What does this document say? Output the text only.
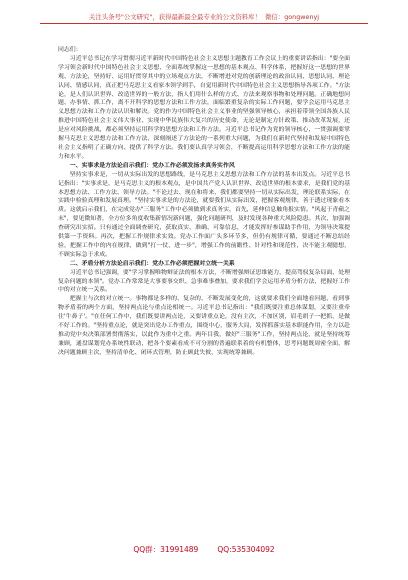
关注头条号"公文研究"，获得最新最全最专业的公文资料库！ 微信：gongwenyj

同志们：

习近平总书记在学习贯彻习近平新时代中国特色社会主义思想主题教育工作会议上的重要讲话指出："要全面学习领会新时代中国特色社会主义思想，全面系统掌握这一思想的基本观点、科学体系，把握好这一思想的世界观、方法论，坚持好、运用好贯穿其中的立场观点方法，不断增进对党的创新理论的政治认同、思想认同、理论认同、情感认同，真正把马克思主义看家本领学到手，自觉用新时代中国特色社会主义思想指导各项工作。"方法论，是人们认识世界、改造世界的一般方法，指人们用什么样的方式、方法来观察事物和处理问题。正确地想问题、办事情、抓工作，离不开科学的思想方法和工作方法，面临繁重复杂的实际工作问题，要学会运用马克思主义思想方法和工作方法认识和解决。党的作为中国特色社会主义事业的坚强领导核心，承担着带领全国各族人民推进中国特色社会主义伟大事业、实现中华民族伟大复兴的历史使命，无论是制定方针政策、推动改革发展，还是应对风险挑战，都必须坚持运用科学的思想方法和工作方法。习近平总书记作为党的领导核心，一贯强调要掌握马克思主义思想方法和工作方法，深刻阐述了方法论的一系列重大问题，为我们在新时代坚持和发展中国特色社会主义指明了正确方向、提供了科学方法。我们要认真学习领会，不断提高运用科学思想方法和工作方法的能力和水平。

一、实事求是方法论启示我们：党办工作必须发扬求真务实作风

坚持实事求是，一切从实际出发的思想路线，是马克思主义思想方法和工作方法的基本出发点。习近平总书记指出："实事求是，是马克思主义的根本观点，是中国共产党人认识世界、改造世界的根本要求，是我们党的基本思想方法、工作方法、领导方法。"不论过去、现在和将来，我们都要坚持一切从实际出发，理论联系实际，在实践中检验真理和发展真理。"坚持实事求是的方法论，就要我们从实际出发，把握客观规律，善于透过现象看本质。这就启示我们，在完成党办"三服务"工作中必须做到求真务实，首先，延伸信息触角报实情。"风起于青蘋之末"，要见微知著，全方位多角度收集新情况新问题，强化问题研判，及时发现各种重大风险隐患。其次，加强调查研究出实招。只有通过全面调查研究，获取真实、准确、可靠信息，才能发挥好参谋助手作用，为领导决策提供第一手资料。再次，把握工作规律求实效。党办工作面广头多环节多，但仍有规律可循，要通过不断总结经验，把握工作中的内在规律，做到"打一仗，进一步"，增强工作的前瞻性、针对性和现范性，决不能主观臆想，不顾实际急于求成。

二、矛盾分析方法论启示我们：党办工作必须把握对立统一关系

习近平总书记强调，要"学习掌握唯物辩证法的根本方法，不断增强辩证思维能力，提高驾驭复杂局面、处理复杂问题的本领"。党办工作常常是大事要事交织、急事难事叠加，要求我们学会运用矛盾分析方法，把握好工作中的对立统一关系。

把握主与次的对立统一。事物都是多样的、复杂的、不断发展变化的，这就要求我们全面地看问题，看到事物矛盾着的两个方面，坚持两点论与重点论相统一。习近平总书记指出："我们既要注重总体谋划，又要注重牵住'牛鼻子'。"在任何工作中，我们既要讲两点论，又要讲重点论，没有主次，不加区别，眉毛胡子一把抓，是做不好工作的。"坚持重点论，就是突出党办工作重点，围绕中心，服务大局，发挥抓落实基本职能作用，全力以赴推动党中央决策部署贯彻落实，以此作为重中之重。两年目我，做好"三服务"工作，坚持两点论，就是坚持统筹兼顾，通盘谋划党办系统性联动，把各个要素看成不可分割的普遍联系着的有机整体，思考问题既周密全面，解决问题兼顾主次，坚持清单化、闭环式管理，防止顾此失彼，实现统筹兼顾。

QQ群：31991489	QQ:535304092
